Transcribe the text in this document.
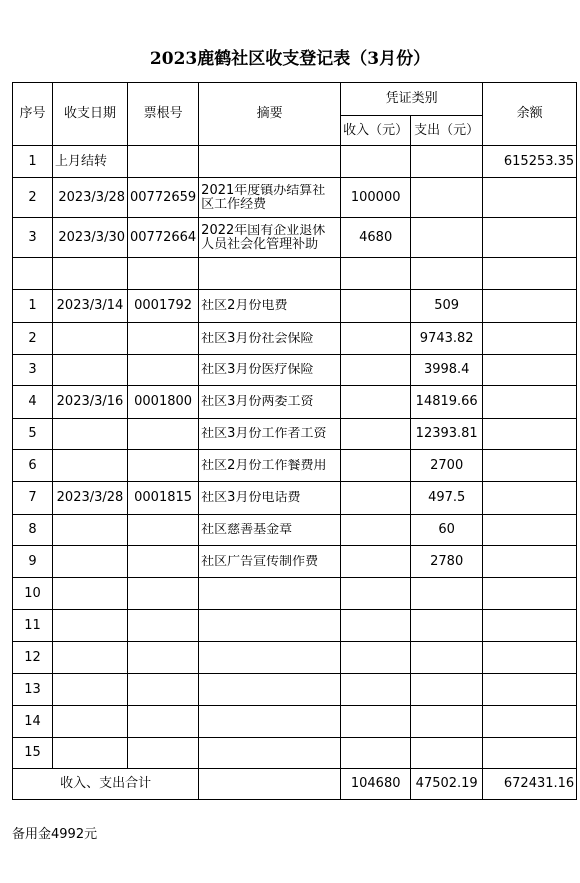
2023鹿鹤社区收支登记表（3月份）
序号	收支日期	票根号	摘要	凭证类别		余额
				收入（元）	支出（元）	
1	上月结转					615253.35
2	2023/3/28	00772659	2021年度镇办结算社区工作经费	100000		
3	2023/3/30	00772664	2022年国有企业退休人员社会化管理补助	4680		

1	2023/3/14	0001792	社区2月份电费		509	
2			社区3月份社会保险		9743.82	
3			社区3月份医疗保险		3998.4	
4	2023/3/16	0001800	社区3月份两委工资		14819.66	
5			社区3月份工作者工资		12393.81	
6			社区2月份工作餐费用		2700	
7	2023/3/28	0001815	社区3月份电话费		497.5	
8			社区慈善基金章		60	
9			社区广告宣传制作费		2780	
10			

11			

12			

13			

14			

15			

收入、支出合计				104680	47502.19	672431.16
备用金4992元
